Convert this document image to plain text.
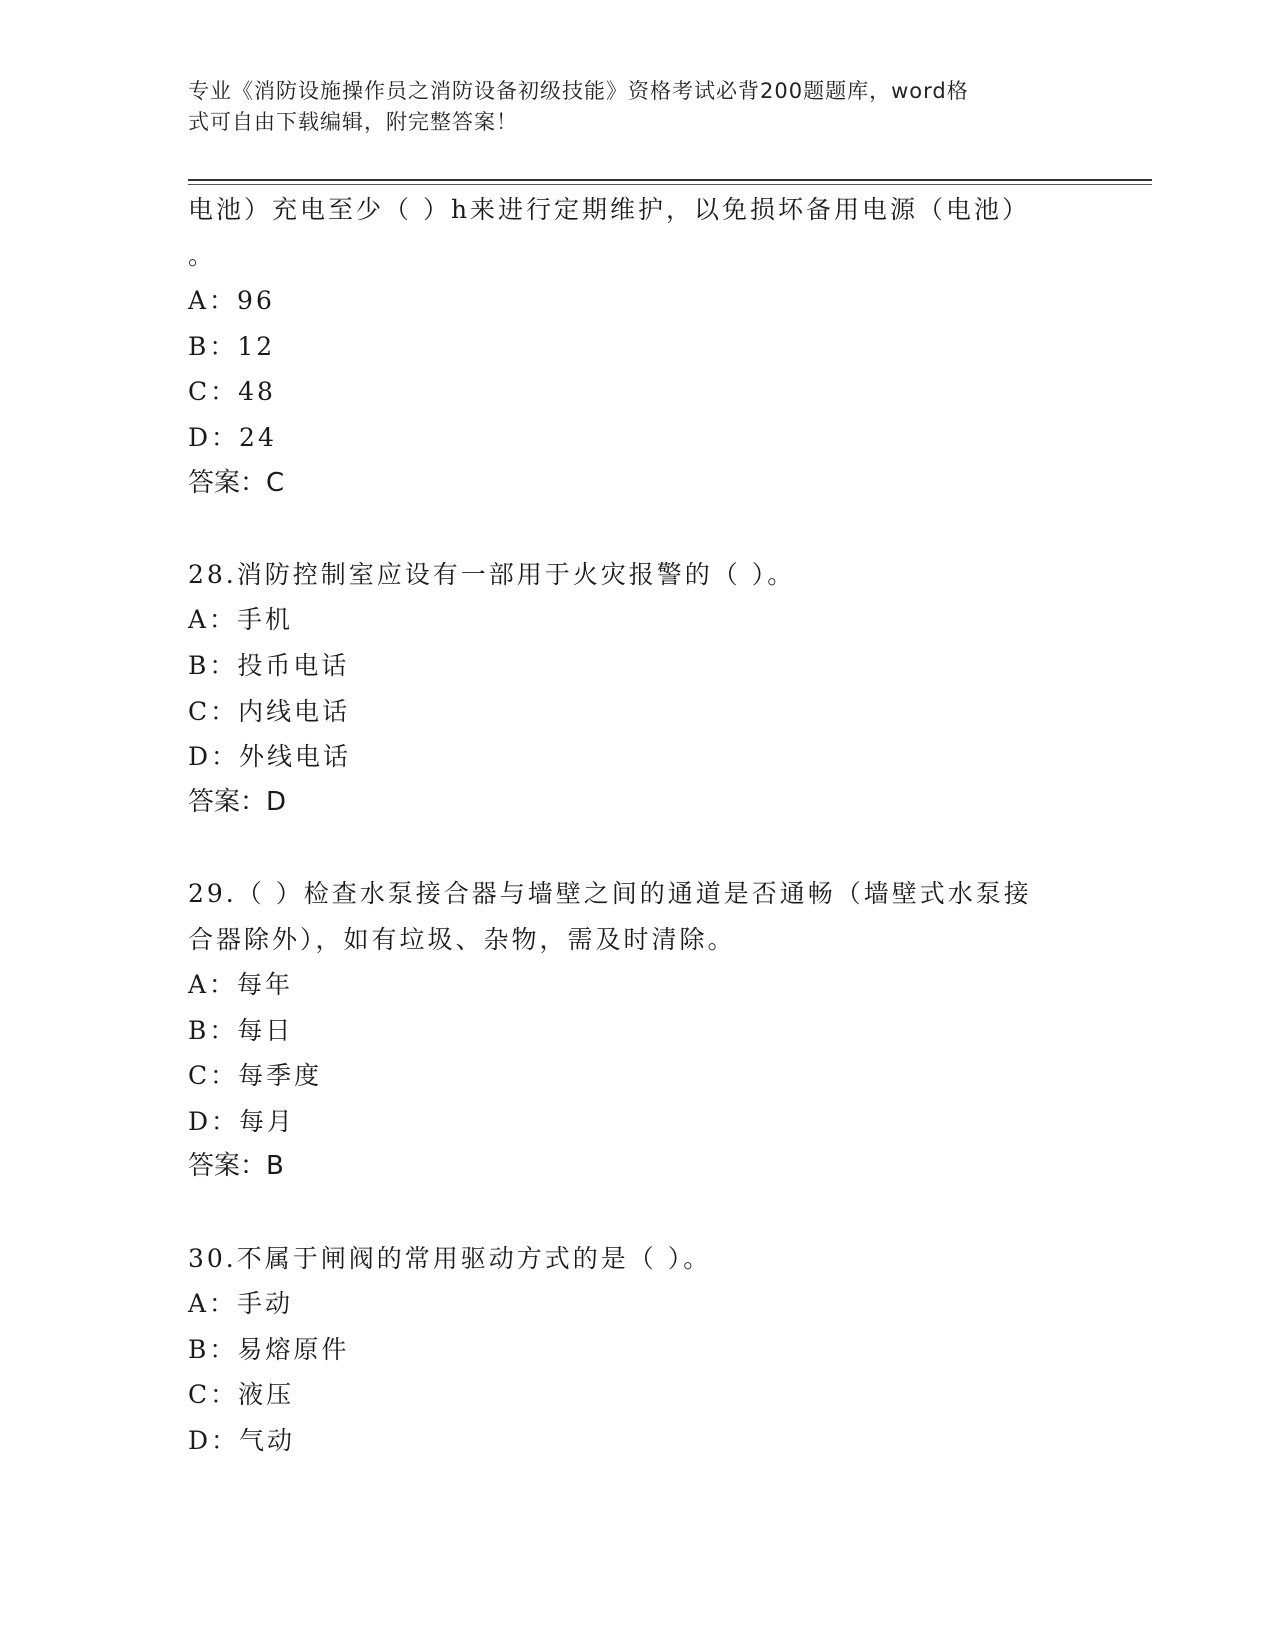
专业《消防设施操作员之消防设备初级技能》资格考试必背200题题库，word格
式可自由下载编辑，附完整答案！
电池）充电至少（ ）h来进行定期维护，以免损坏备用电源（电池）
。
A：96
B：12
C：48
D：24
答案：C
28.消防控制室应设有一部用于火灾报警的（ ）。
A：手机
B：投币电话
C：内线电话
D：外线电话
答案：D
29.（ ）检查水泵接合器与墙壁之间的通道是否通畅（墙壁式水泵接
合器除外），如有垃圾、杂物，需及时清除。
A：每年
B：每日
C：每季度
D：每月
答案：B
30.不属于闸阀的常用驱动方式的是（ ）。
A：手动
B：易熔原件
C：液压
D：气动
